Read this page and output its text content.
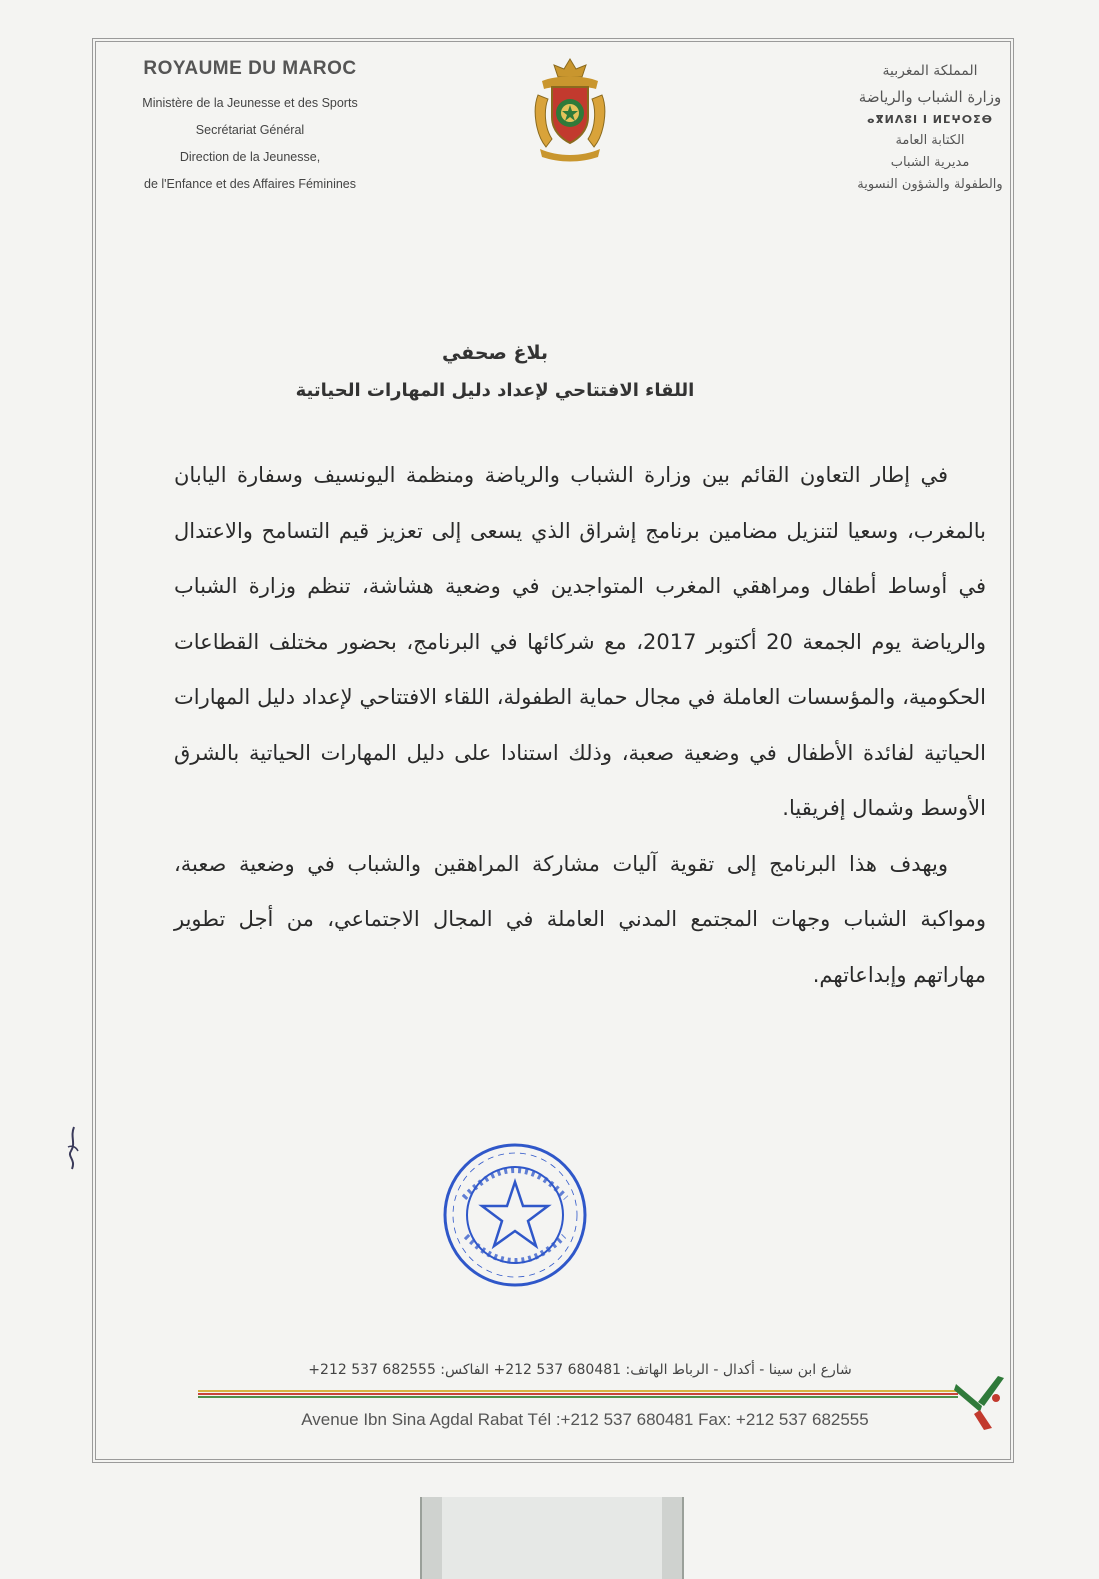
ROYAUME DU MAROC
Ministère de la Jeunesse et des Sports
Secrétariat Général
Direction de la Jeunesse,
de l'Enfance et des Affaires Féminines
المملكة المغربية
وزارة الشباب والرياضة
ⴰⴳⵍⴷⵓⵏ ⵏ ⵍⵎⵖⵔⵉⴱ
الكتابة العامة
مديرية الشباب
والطفولة والشؤون النسوية
بلاغ صحفي
اللقاء الافتتاحي لإعداد دليل المهارات الحياتية

في إطار التعاون القائم بين وزارة الشباب والرياضة ومنظمة اليونسيف وسفارة اليابان بالمغرب، وسعيا لتنزيل مضامين برنامج إشراق الذي يسعى إلى تعزيز قيم التسامح والاعتدال في أوساط أطفال ومراهقي المغرب المتواجدين في وضعية هشاشة، تنظم وزارة الشباب والرياضة يوم الجمعة 20 أكتوبر 2017، مع شركائها في البرنامج، بحضور مختلف القطاعات الحكومية، والمؤسسات العاملة في مجال حماية الطفولة، اللقاء الافتتاحي لإعداد دليل المهارات الحياتية لفائدة الأطفال في وضعية صعبة، وذلك استنادا على دليل المهارات الحياتية بالشرق الأوسط وشمال إفريقيا.

ويهدف هذا البرنامج إلى تقوية آليات مشاركة المراهقين والشباب في وضعية صعبة، ومواكبة الشباب وجهات المجتمع المدني العاملة في المجال الاجتماعي، من أجل تطوير مهاراتهم وإبداعاتهم.

شارع ابن سينا - أكدال - الرباط الهاتف: 680481 537 212+ الفاكس: 682555 537 212+
Avenue Ibn Sina Agdal Rabat Tél :+212 537 680481 Fax: +212 537 682555
